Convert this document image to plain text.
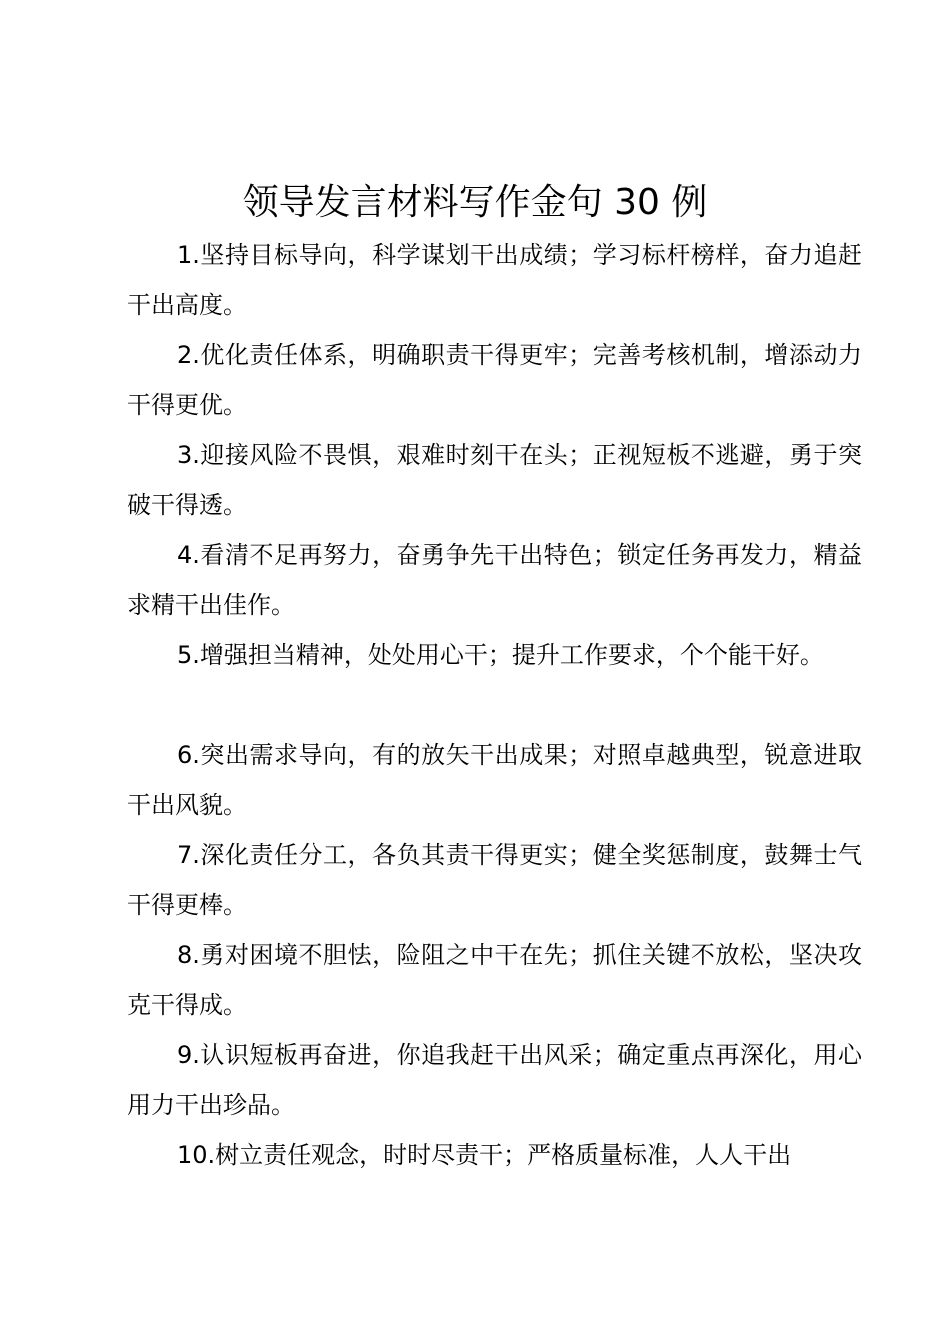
领导发言材料写作金句 30 例

1.坚持目标导向，科学谋划干出成绩；学习标杆榜样，奋力追赶干出高度。

2.优化责任体系，明确职责干得更牢；完善考核机制，增添动力干得更优。

3.迎接风险不畏惧，艰难时刻干在头；正视短板不逃避，勇于突破干得透。

4.看清不足再努力，奋勇争先干出特色；锁定任务再发力，精益求精干出佳作。

5.增强担当精神，处处用心干；提升工作要求，个个能干好。

6.突出需求导向，有的放矢干出成果；对照卓越典型，锐意进取干出风貌。

7.深化责任分工，各负其责干得更实；健全奖惩制度，鼓舞士气干得更棒。

8.勇对困境不胆怯，险阻之中干在先；抓住关键不放松，坚决攻克干得成。

9.认识短板再奋进，你追我赶干出风采；确定重点再深化，用心用力干出珍品。

10.树立责任观念，时时尽责干；严格质量标准，人人干出
